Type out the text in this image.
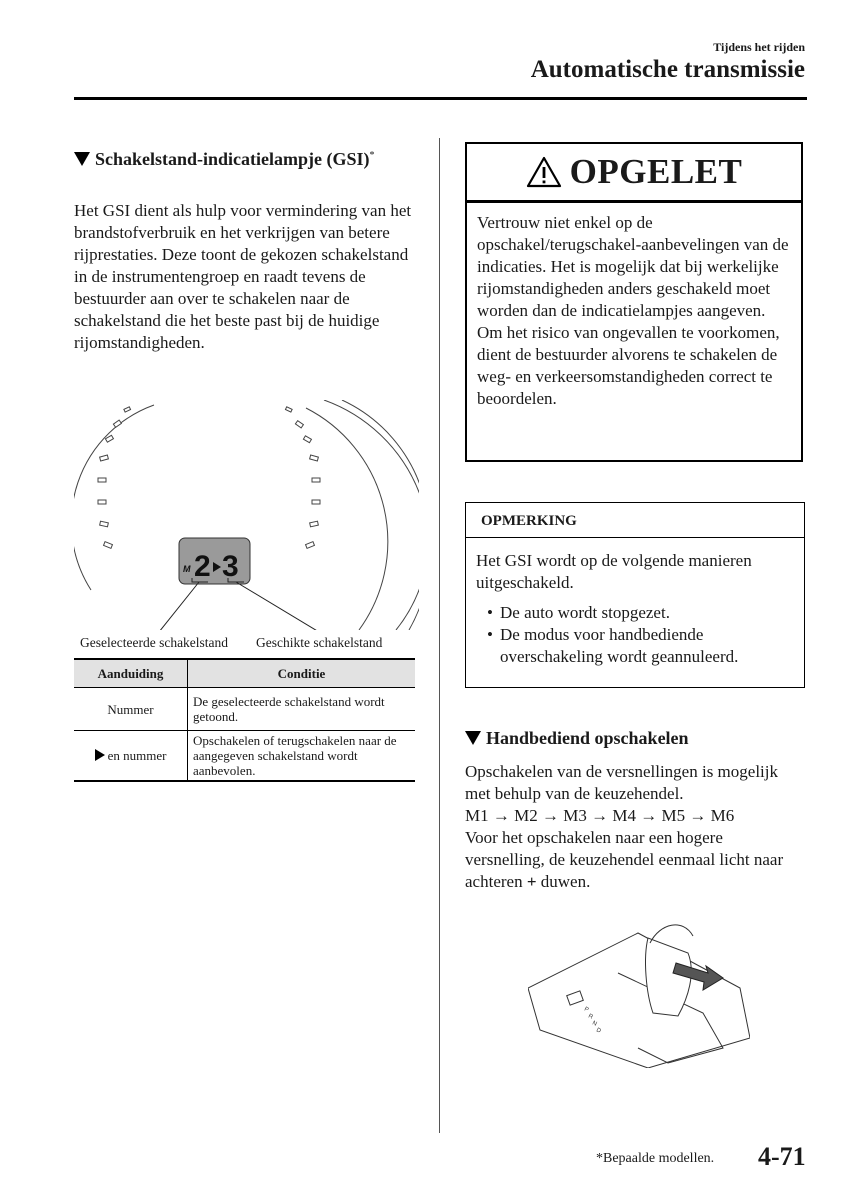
Tijdens het rijden
Automatische transmissie
Schakelstand-indicatielampje (GSI)*
Het GSI dient als hulp voor vermindering van het brandstofverbruik en het verkrijgen van betere rijprestaties. Deze toont de gekozen schakelstand in de instrumentengroep en raadt tevens de bestuurder aan over te schakelen naar de schakelstand die het beste past bij de huidige rijomstandigheden.
M 2 3
Geselecteerde schakelstand Geschikte schakelstand
Aanduiding	Conditie
Nummer	De geselecteerde schakelstand wordt getoond.
en nummer	Opschakelen of terugschakelen naar de aangegeven schakelstand wordt aanbevolen.
OPGELET
Vertrouw niet enkel op de opschakel/terugschakel-aanbevelingen van de indicaties. Het is mogelijk dat bij werkelijke rijomstandigheden anders geschakeld moet worden dan de indicatielampjes aangeven. Om het risico van ongevallen te voorkomen, dient de bestuurder alvorens te schakelen de weg- en verkeersomstandigheden correct te beoordelen.
OPMERKING
Het GSI wordt op de volgende manieren uitgeschakeld.
• De auto wordt stopgezet.
• De modus voor handbediende overschakeling wordt geannuleerd.
Handbediend opschakelen
Opschakelen van de versnellingen is mogelijk met behulp van de keuzehendel.
M1 → M2 → M3 → M4 → M5 → M6
Voor het opschakelen naar een hogere versnelling, de keuzehendel eenmaal licht naar achteren + duwen.
P
R
N
D
*Bepaalde modellen. 4-71
